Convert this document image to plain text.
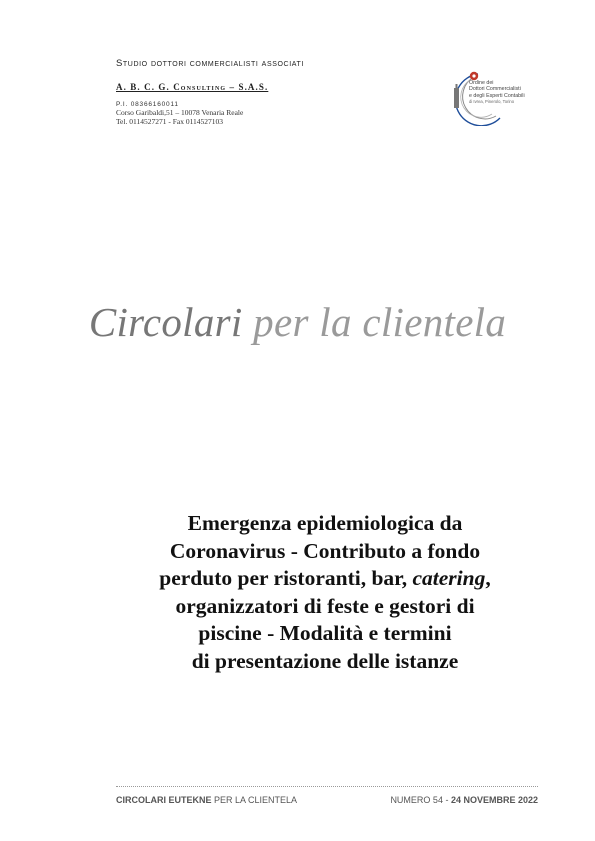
Studio dottori commercialisti associati
A. B. C. G. Consulting – S.A.S.
P.I. 08366160011
Corso Garibaldi,51 – 10078 Venaria Reale
Tel. 0114527271 - Fax 0114527103
Ordine dei
Dottori Commercialisti
e degli Esperti Contabili
di Ivrea, Pinerolo, Torino
Circolari per la clientela
Emergenza epidemiologica da
Coronavirus - Contributo a fondo
perduto per ristoranti, bar, catering,
organizzatori di feste e gestori di
piscine - Modalità e termini
di presentazione delle istanze
CIRCOLARI EUTEKNE PER LA CLIENTELA	NUMERO 54 - 24 NOVEMBRE 2022
